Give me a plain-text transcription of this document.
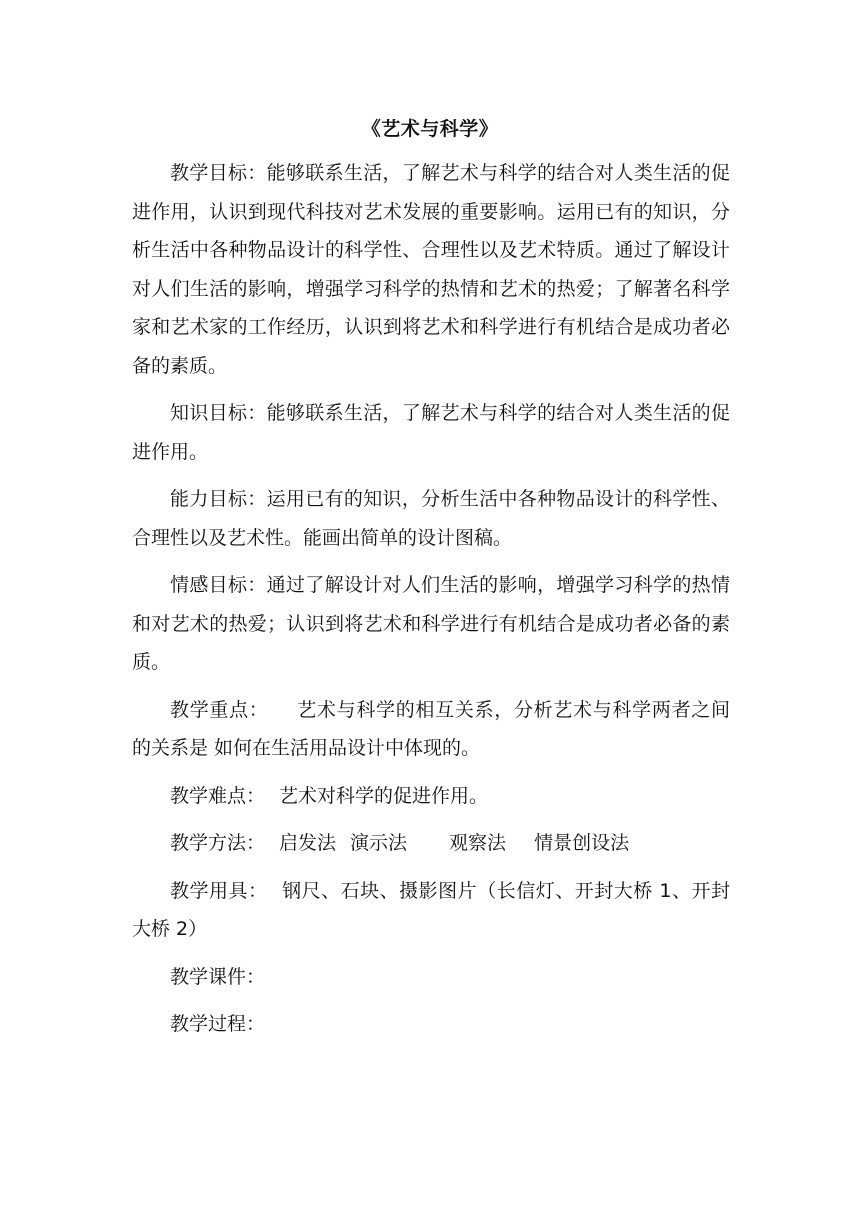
《艺术与科学》

教学目标：能够联系生活，了解艺术与科学的结合对人类生活的促进作用，认识到现代科技对艺术发展的重要影响。运用已有的知识，分析生活中各种物品设计的科学性、合理性以及艺术特质。通过了解设计对人们生活的影响，增强学习科学的热情和艺术的热爱；了解著名科学家和艺术家的工作经历，认识到将艺术和科学进行有机结合是成功者必备的素质。

知识目标：能够联系生活，了解艺术与科学的结合对人类生活的促进作用。

能力目标：运用已有的知识，分析生活中各种物品设计的科学性、合理性以及艺术性。能画出简单的设计图稿。

情感目标：通过了解设计对人们生活的影响，增强学习科学的热情和对艺术的热爱；认识到将艺术和科学进行有机结合是成功者必备的素质。

教学重点： 艺术与科学的相互关系，分析艺术与科学两者之间的关系是 如何在生活用品设计中体现的。

教学难点： 艺术对科学的促进作用。

教学方法： 启发法 演示法 观察法 情景创设法

教学用具： 钢尺、石块、摄影图片（长信灯、开封大桥 1、开封大桥 2）

教学课件：

教学过程：
